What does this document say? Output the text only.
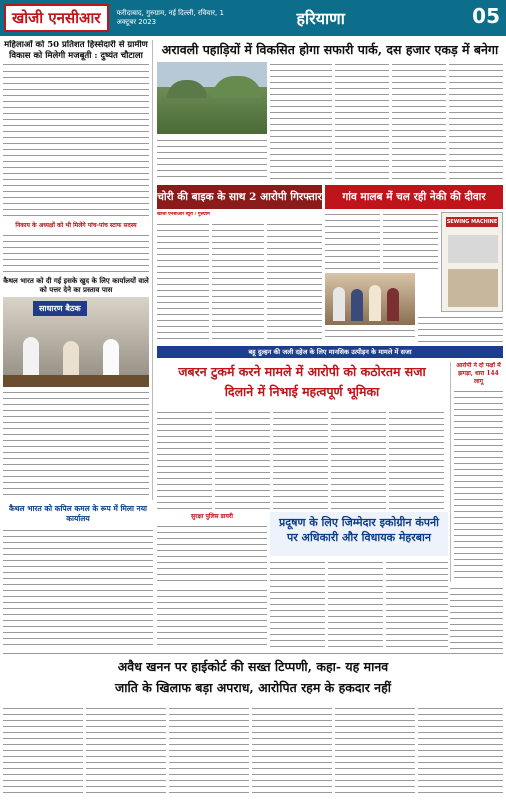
खोजी एनसीआर	फरीदाबाद, गुरुग्राम, नई दिल्ली, रविवार, 1 अक्टूबर 2023	हरियाणा	05
महिलाओं को 50 प्रतिशत हिस्सेदारी से ग्रामीण विकास को मिलेगी मजबूती : दुष्यंत चौटाला
निकाय के अध्यक्षों को भी मिलेंगे पांच-पांच स्टाफ सदस्य
कैथल भारत को दी गई इसके खुद के लिए कार्यालयों वाले को पत्तर देने का प्रस्ताव पास
साधारण बैठक
अरावली पहाड़ियों में विकसित होगा सफारी पार्क, दस हजार एकड़ में बनेगा
चोरी की बाइक के साथ 2 आरोपी गिरफ्तार
खोजी एनसीआर ब्यूरो / गुरुग्राम
गांव मालब में चल रही नेकी की दीवार
SEWING MACHINE
बहू दुल्हन की जली दहेज के लिए मानसिक उत्पीड़न के मामले में सजा
जबरन टुकर्म करने मामले में आरोपी को कठोरतम सजा
दिलाने में निभाई महत्वपूर्ण भूमिका
सुरक्षा पुलिस डायरी
आरोपी ने दो पक्षों में झगड़ा, धारा 144 लागू
प्रदूषण के लिए जिम्मेदार इकोग्रीन कंपनी पर अधिकारी और विधायक मेहरबान
कैथल भारत को कपिल कमल के रूप में मिला नया कार्यालय
अवैध खनन पर हाईकोर्ट की सख्त टिप्पणी, कहा- यह मानव
जाति के खिलाफ बड़ा अपराध, आरोपित रहम के हकदार नहीं
